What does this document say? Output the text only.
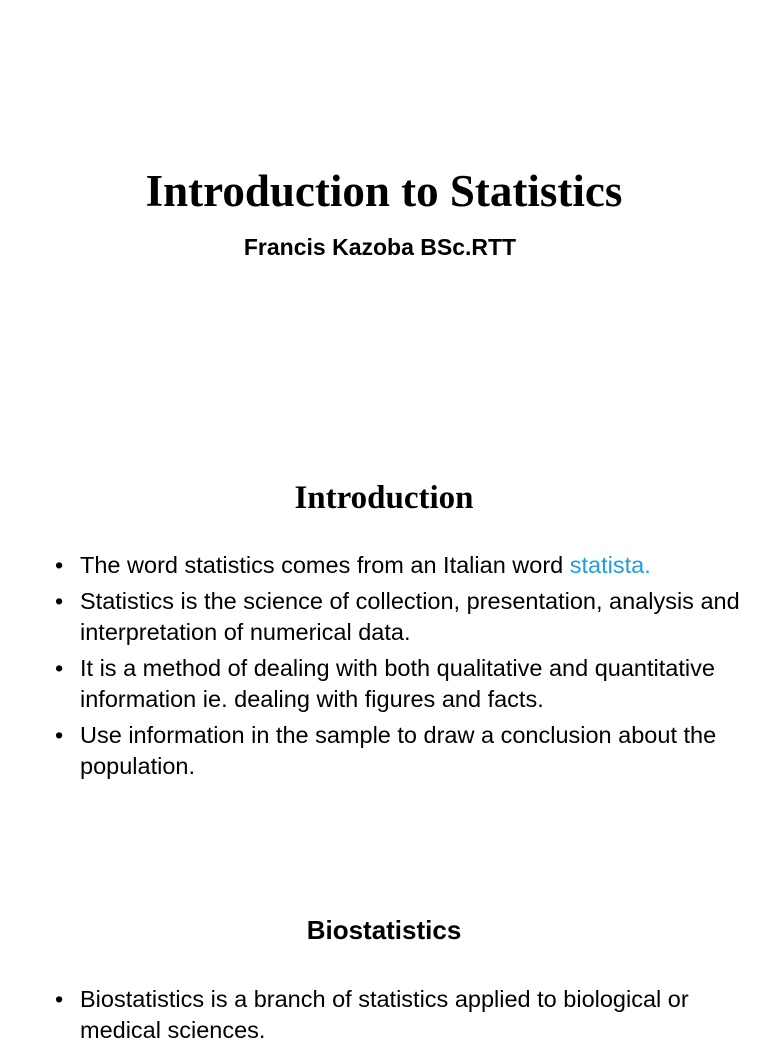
Introduction to Statistics
Francis Kazoba BSc.RTT
Introduction
• The word statistics comes from an Italian word statista.
• Statistics is the science of collection, presentation, analysis and interpretation of numerical data.
• It is a method of dealing with both qualitative and quantitative information ie. dealing with figures and facts.
• Use information in the sample to draw a conclusion about the population.
Biostatistics
• Biostatistics is a branch of statistics applied to biological or medical sciences.
